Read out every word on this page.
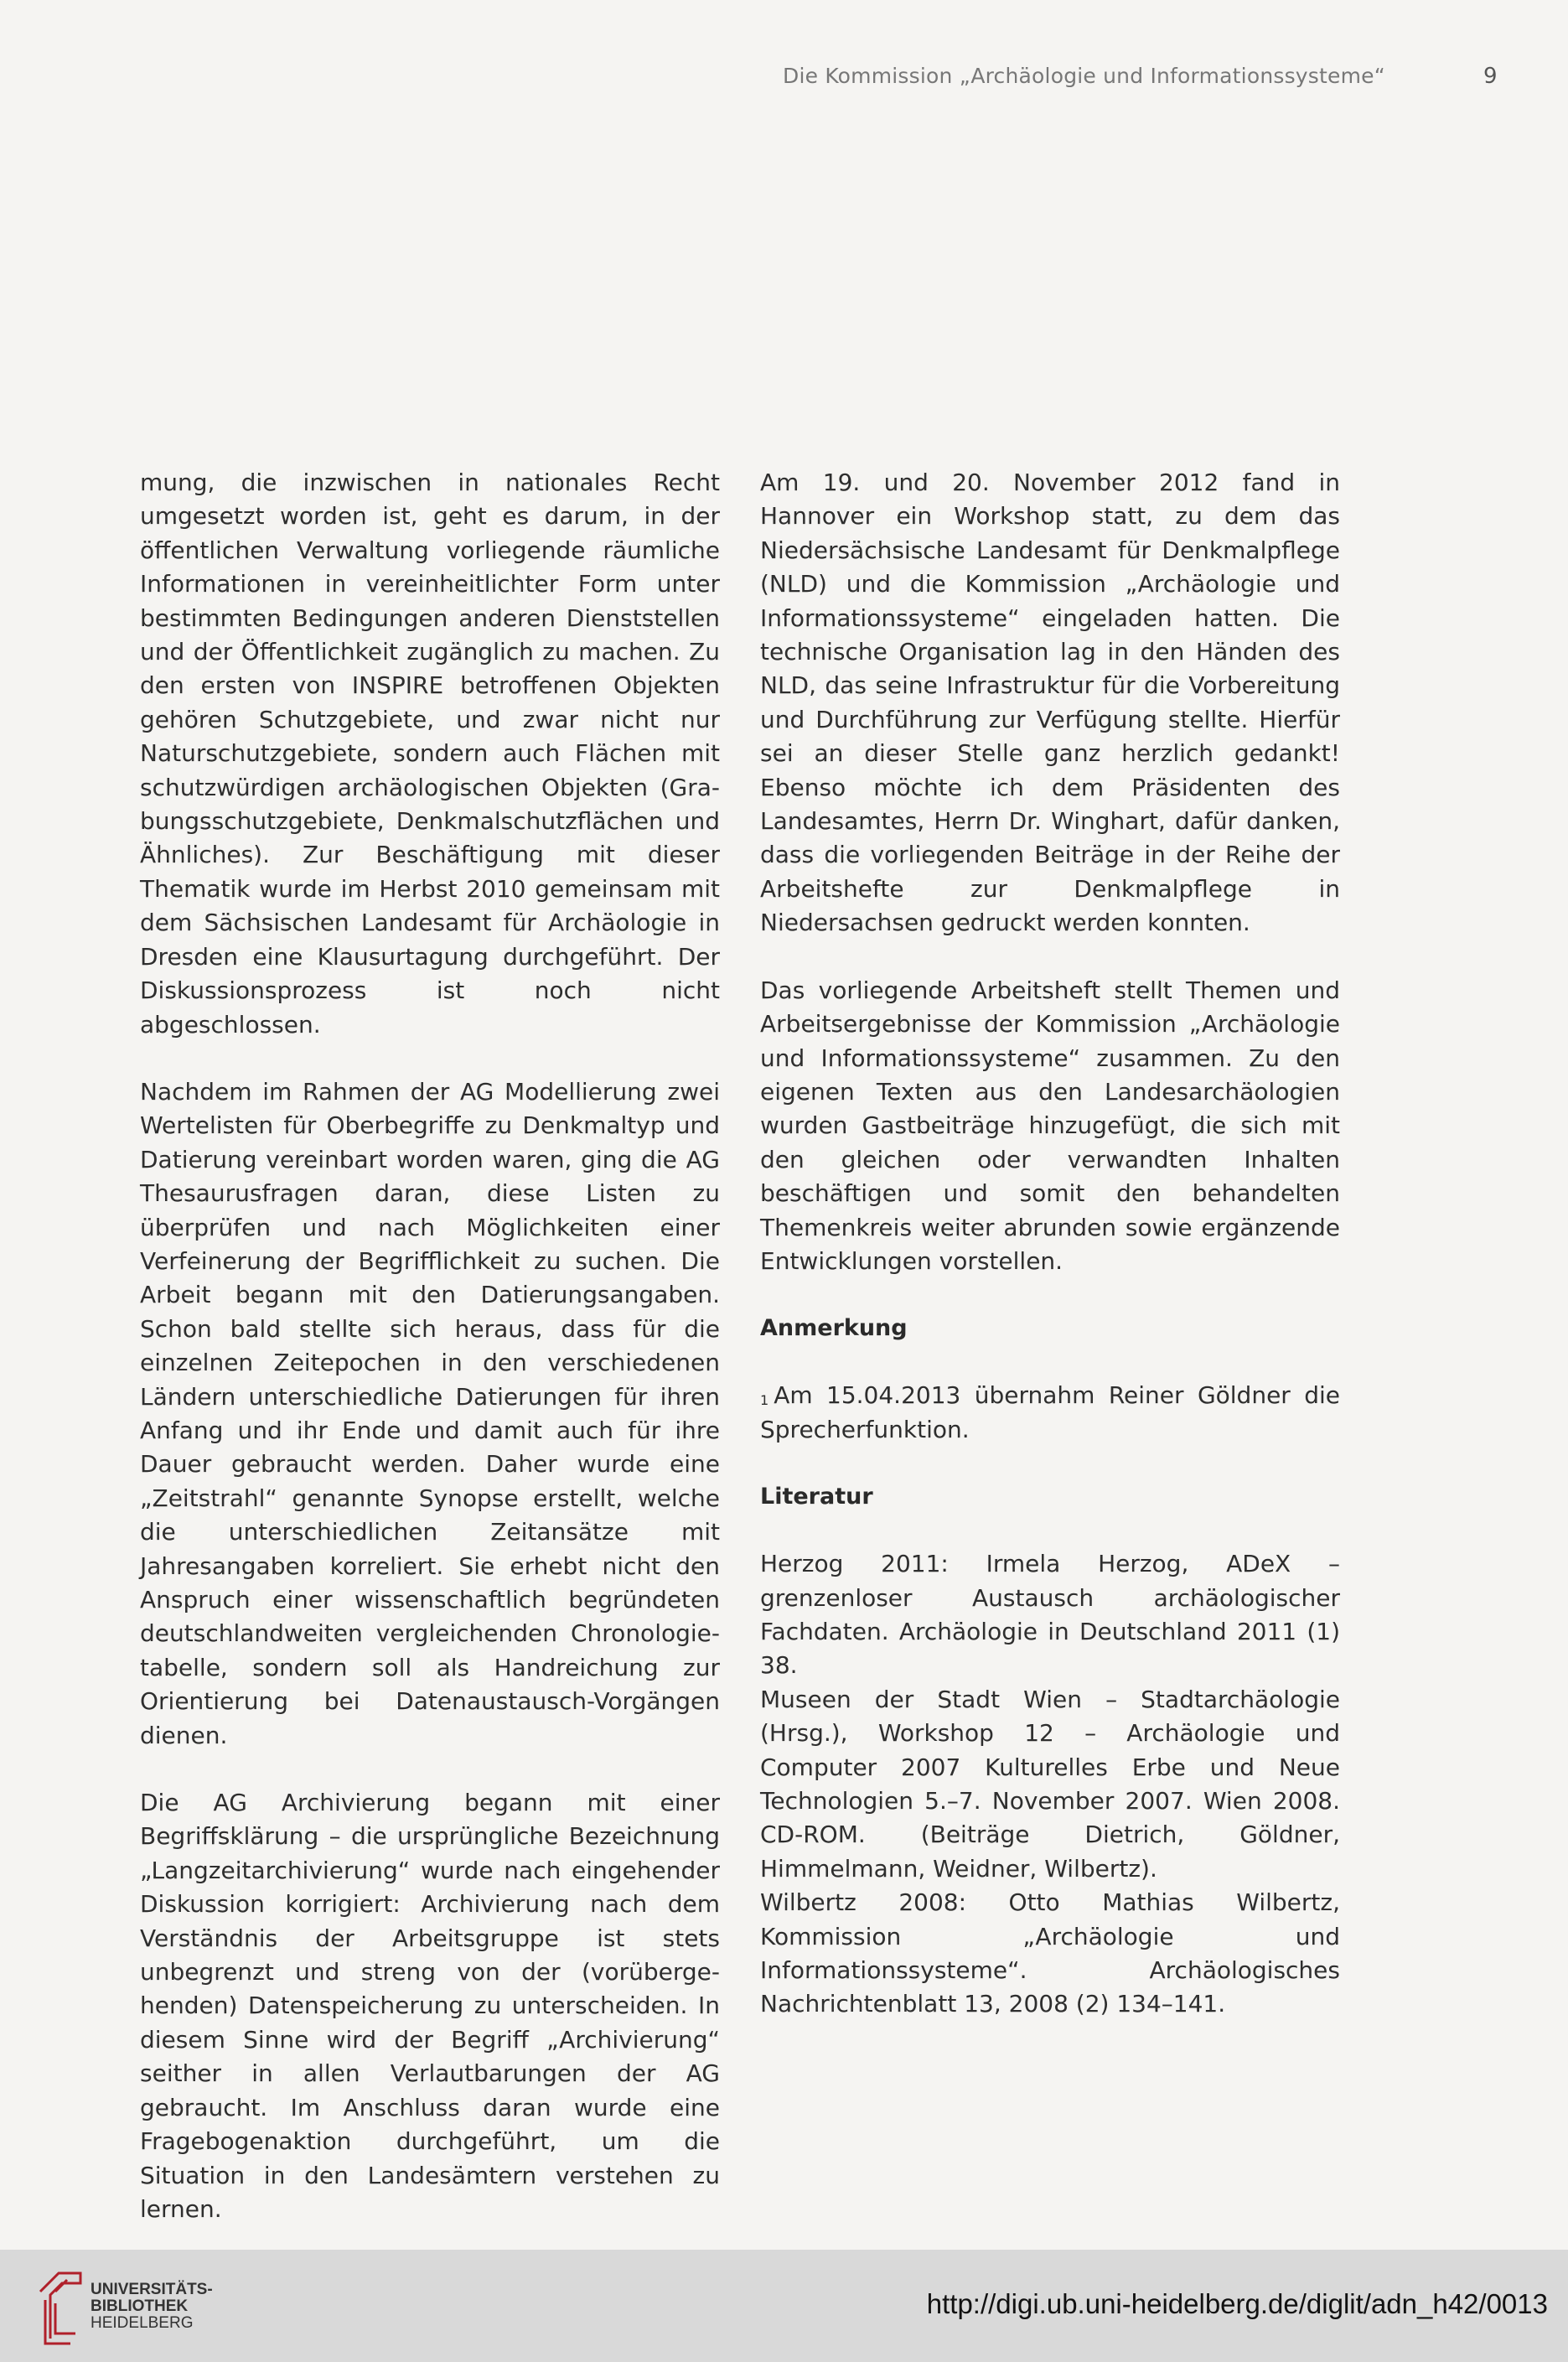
Die Kommission „Archäologie und Informationssysteme“	9

mung, die inzwischen in nationales Recht umgesetzt worden ist, geht es darum, in der öffentlichen Verwaltung vorliegende räumliche Informationen in vereinheitlichter Form unter bestimmten Bedingungen anderen Dienststellen und der Öffentlichkeit zugänglich zu machen. Zu den ersten von INSPIRE betroffenen Objekten gehören Schutzgebiete, und zwar nicht nur Naturschutzgebiete, sondern auch Flächen mit schutzwürdigen archäologischen Objekten (Grabungsschutzgebiete, Denkmalschutzflächen und Ähnliches). Zur Beschäftigung mit dieser Thematik wurde im Herbst 2010 gemeinsam mit dem Sächsischen Landesamt für Archäologie in Dresden eine Klausurtagung durchgeführt. Der Diskussionsprozess ist noch nicht abgeschlossen.

Nachdem im Rahmen der AG Modellierung zwei Wertelisten für Oberbegriffe zu Denkmaltyp und Datierung vereinbart worden waren, ging die AG Thesaurusfragen daran, diese Listen zu überprüfen und nach Möglichkeiten einer Verfeinerung der Begrifflichkeit zu suchen. Die Arbeit begann mit den Datierungsangaben. Schon bald stellte sich heraus, dass für die einzelnen Zeitepochen in den verschiedenen Ländern unterschiedliche Datierungen für ihren Anfang und ihr Ende und damit auch für ihre Dauer gebraucht werden. Daher wurde eine „Zeitstrahl“ genannte Synopse erstellt, welche die unterschiedlichen Zeitansätze mit Jahresangaben korreliert. Sie erhebt nicht den Anspruch einer wissenschaftlich begründeten deutschlandweiten vergleichenden Chronologietabelle, sondern soll als Handreichung zur Orientierung bei Datenaustausch-Vorgängen dienen.

Die AG Archivierung begann mit einer Begriffsklärung – die ursprüngliche Bezeichnung „Langzeitarchivierung“ wurde nach eingehender Diskussion korrigiert: Archivierung nach dem Verständnis der Arbeitsgruppe ist stets unbegrenzt und streng von der (vorübergehenden) Datenspeicherung zu unterscheiden. In diesem Sinne wird der Begriff „Archivierung“ seither in allen Verlautbarungen der AG gebraucht. Im Anschluss daran wurde eine Fragebogenaktion durchgeführt, um die Situation in den Landesämtern verstehen zu lernen.

Am 19. und 20. November 2012 fand in Hannover ein Workshop statt, zu dem das Niedersächsische Landesamt für Denkmalpflege (NLD) und die Kommission „Archäologie und Informationssysteme“ eingeladen hatten. Die technische Organisation lag in den Händen des NLD, das seine Infrastruktur für die Vorbereitung und Durchführung zur Verfügung stellte. Hierfür sei an dieser Stelle ganz herzlich gedankt! Ebenso möchte ich dem Präsidenten des Landesamtes, Herrn Dr. Winghart, dafür danken, dass die vorliegenden Beiträge in der Reihe der Arbeitshefte zur Denkmalpflege in Niedersachsen gedruckt werden konnten.

Das vorliegende Arbeitsheft stellt Themen und Arbeitsergebnisse der Kommission „Archäologie und Informationssysteme“ zusammen. Zu den eigenen Texten aus den Landesarchäologien wurden Gastbeiträge hinzugefügt, die sich mit den gleichen oder verwandten Inhalten beschäftigen und somit den behandelten Themenkreis weiter abrunden sowie ergänzende Entwicklungen vorstellen.

Anmerkung

$^1$ Am 15.04.2013 übernahm Reiner Göldner die Sprecherfunktion.

Literatur

Herzog 2011: Irmela Herzog, ADeX – grenzenloser Austausch archäologischer Fachdaten. Archäologie in Deutschland 2011 (1) 38.

Museen der Stadt Wien – Stadtarchäologie (Hrsg.), Workshop 12 – Archäologie und Computer 2007 Kulturelles Erbe und Neue Technologien 5.–7. November 2007. Wien 2008. CD-ROM. (Beiträge Dietrich, Göldner, Himmelmann, Weidner, Wilbertz).

Wilbertz 2008: Otto Mathias Wilbertz, Kommission „Archäologie und Informationssysteme“. Archäologisches Nachrichtenblatt 13, 2008 (2) 134–141.

UNIVERSITÄTS-
BIBLIOTHEK
HEIDELBERG
http://digi.ub.uni-heidelberg.de/diglit/adn_h42/0013
